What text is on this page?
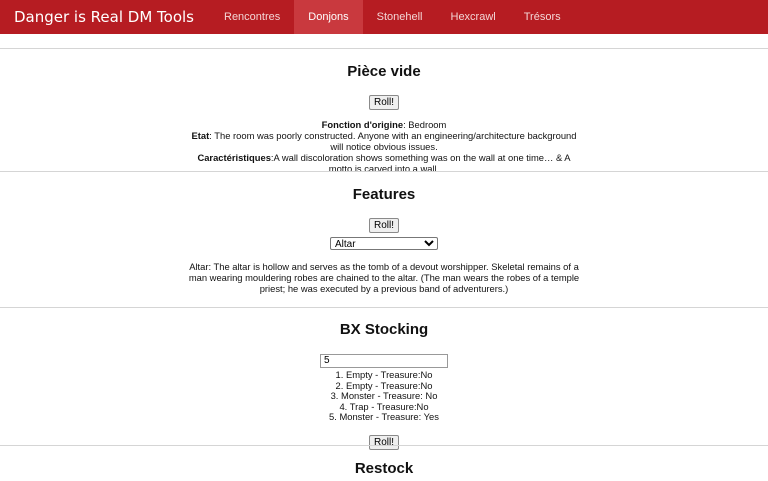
Danger is Real DM Tools	Rencontres	Donjons	Stonehell	Hexcrawl	Trésors
Pièce vide
Roll!
Fonction d'origine: Bedroom
Etat: The room was poorly constructed. Anyone with an engineering/architecture background will notice obvious issues.
Caractéristiques:A wall discoloration shows something was on the wall at one time… & A motto is carved into a wall.
Features
Roll!
Altar
Altar: The altar is hollow and serves as the tomb of a devout worshipper. Skeletal remains of a man wearing mouldering robes are chained to the altar. (The man wears the robes of a temple priest; he was executed by a previous band of adventurers.)
BX Stocking
5
1. Empty - Treasure:No
2. Empty - Treasure:No
3. Monster - Treasure: No
4. Trap - Treasure:No
5. Monster - Treasure: Yes
Roll!
Restock
